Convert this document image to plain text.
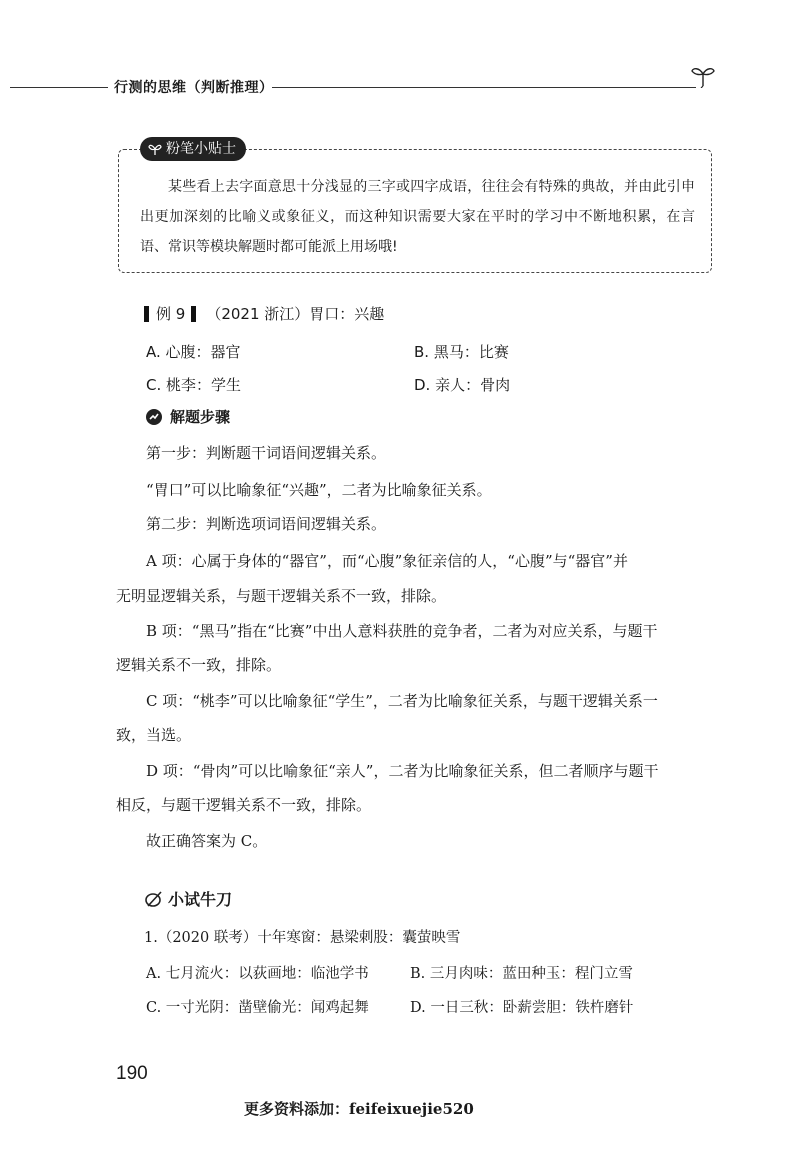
行测的思维（判断推理）
粉笔小贴士
某些看上去字面意思十分浅显的三字或四字成语，往往会有特殊的典故，并由此引申出更加深刻的比喻义或象征义，而这种知识需要大家在平时的学习中不断地积累，在言语、常识等模块解题时都可能派上用场哦!
例 9 （2021 浙江） 胃口：兴趣
A. 心腹：器官	B. 黑马：比赛
C. 桃李：学生	D. 亲人：骨肉
解题步骤
第一步：判断题干词语间逻辑关系。
“胃口”可以比喻象征“兴趣”，二者为比喻象征关系。
第二步：判断选项词语间逻辑关系。
A 项：心属于身体的“器官”，而“心腹”象征亲信的人，“心腹”与“器官”并
无明显逻辑关系，与题干逻辑关系不一致，排除。
B 项：“黑马”指在“比赛”中出人意料获胜的竞争者，二者为对应关系，与题干
逻辑关系不一致，排除。
C 项：“桃李”可以比喻象征“学生”，二者为比喻象征关系，与题干逻辑关系一
致，当选。
D 项：“骨肉”可以比喻象征“亲人”，二者为比喻象征关系，但二者顺序与题干
相反，与题干逻辑关系不一致，排除。
故正确答案为 C。
小试牛刀
1.（2020 联考）十年寒窗：悬梁刺股：囊萤映雪
A. 七月流火：以荻画地：临池学书	B. 三月肉味：蓝田种玉：程门立雪
C. 一寸光阴：凿壁偷光：闻鸡起舞	D. 一日三秋：卧薪尝胆：铁杵磨针
190
更多资料添加：feifeixuejie520
